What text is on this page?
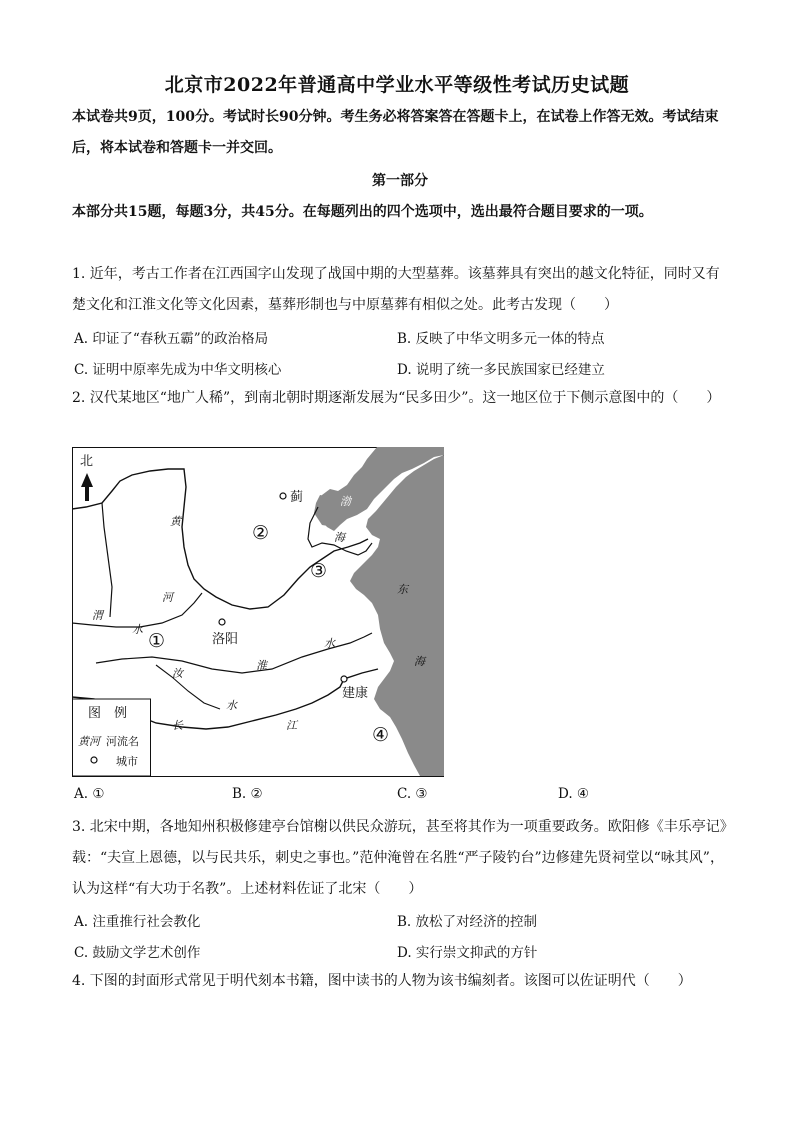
北京市2022年普通高中学业水平等级性考试历史试题
本试卷共9页，100分。考试时长90分钟。考生务必将答案答在答题卡上，在试卷上作答无效。考试结束后，将本试卷和答题卡一并交回。
第一部分
本部分共15题，每题3分，共45分。在每题列出的四个选项中，选出最符合题目要求的一项。
1. 近年，考古工作者在江西国字山发现了战国中期的大型墓葬。该墓葬具有突出的越文化特征，同时又有楚文化和江淮文化等文化因素，墓葬形制也与中原墓葬有相似之处。此考古发现（　　）
A. 印证了“春秋五霸”的政治格局	B. 反映了中华文明多元一体的特点
C. 证明中原率先成为中华文明核心	D. 说明了统一多民族国家已经建立
2. 汉代某地区“地广人稀”，到南北朝时期逐渐发展为“民多田少”。这一地区位于下侧示意图中的（　　）
北
蓟
洛阳
建康
渤
海
东
海
黄
河
渭
水
淮
水
汝
水
长	江
②
③
①
④
图　例
黄河 河流名
城市
A. ①	B. ②	C. ③	D. ④
3. 北宋中期，各地知州积极修建亭台馆榭以供民众游玩，甚至将其作为一项重要政务。欧阳修《丰乐亭记》载：“夫宣上恩德，以与民共乐，刺史之事也。”范仲淹曾在名胜“严子陵钓台”边修建先贤祠堂以“咏其风”，认为这样“有大功于名教”。上述材料佐证了北宋（　　）
A. 注重推行社会教化	B. 放松了对经济的控制
C. 鼓励文学艺术创作	D. 实行崇文抑武的方针
4. 下图的封面形式常见于明代刻本书籍，图中读书的人物为该书编刻者。该图可以佐证明代（　　）
